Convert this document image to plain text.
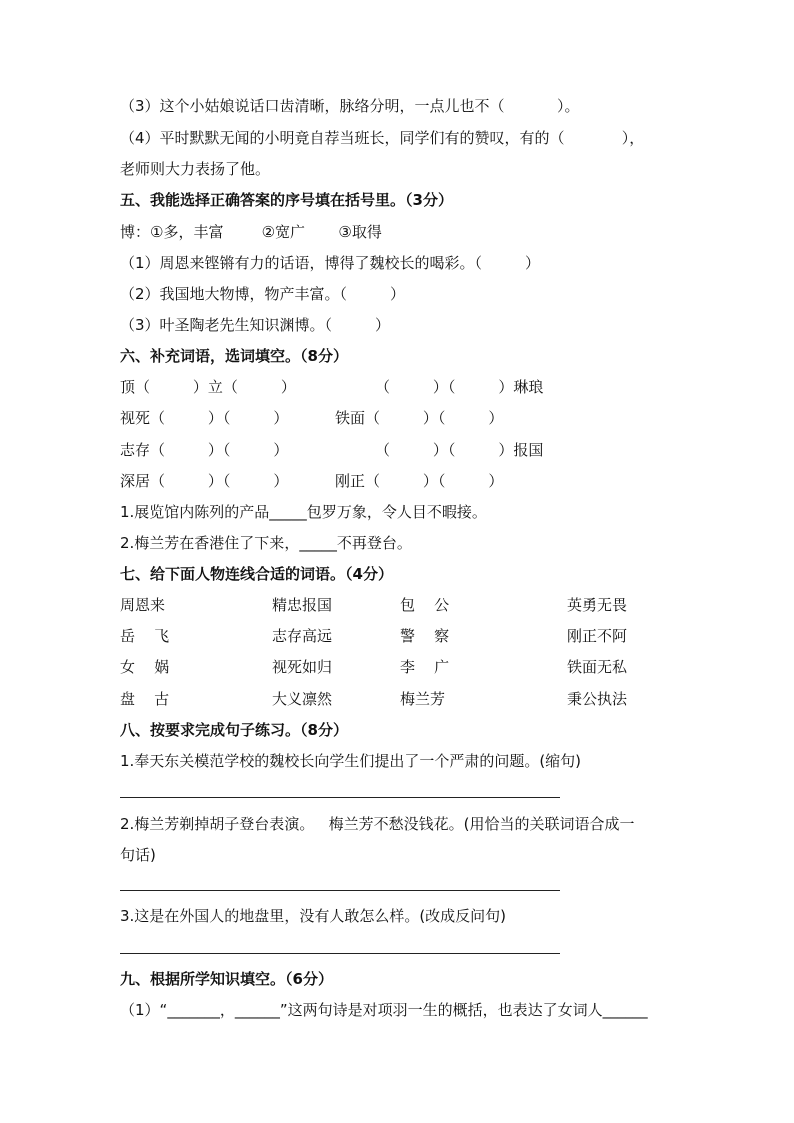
（3）这个小姑娘说话口齿清晰，脉络分明，一点儿也不（           ）。
（4）平时默默无闻的小明竟自荐当班长，同学们有的赞叹，有的（            ），
老师则大力表扬了他。
五、我能选择正确答案的序号填在括号里。（3分）
博：①多，丰富        ②宽广       ③取得
（1）周恩来铿锵有力的话语，博得了魏校长的喝彩。（         ）
（2）我国地大物博，物产丰富。（         ）
（3）叶圣陶老先生知识渊博。（         ）
六、补充词语，选词填空。（8分）
顶（         ）立（         ）	（         ）（         ）琳琅
视死（         ）（         ）	铁面（         ）（         ）
志存（         ）（         ）	（         ）（         ）报国
深居（         ）（         ）	刚正（         ）（         ）
1.展览馆内陈列的产品_____包罗万象，令人目不暇接。
2.梅兰芳在香港住了下来，_____不再登台。
七、给下面人物连线合适的词语。（4分）
周恩来	精忠报国	包    公	英勇无畏
岳    飞	志存高远	警    察	刚正不阿
女    娲	视死如归	李    广	铁面无私
盘    古	大义凛然	梅兰芳	秉公执法
八、按要求完成句子练习。（8分）
1.奉天东关模范学校的魏校长向学生们提出了一个严肃的问题。(缩句)
2.梅兰芳剃掉胡子登台表演。   梅兰芳不愁没钱花。(用恰当的关联词语合成一
句话)
3.这是在外国人的地盘里，没有人敢怎么样。(改成反问句)
九、根据所学知识填空。（6分）
（1）“_______，______”这两句诗是对项羽一生的概括，也表达了女词人______
